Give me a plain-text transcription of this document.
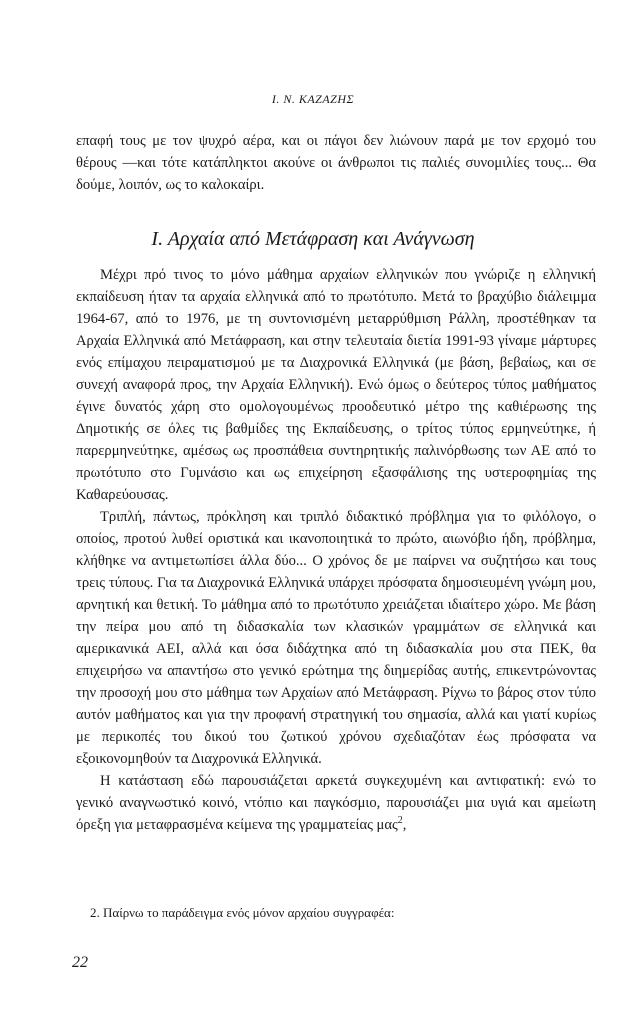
Ι. Ν. ΚΑΖΑΖΗΣ

επαφή τους με τον ψυχρό αέρα, και οι πάγοι δεν λιώνουν παρά με τον ερχομό του θέρους —και τότε κατάπληκτοι ακούνε οι άνθρωποι τις παλιές συνομιλίες τους... Θα δούμε, λοιπόν, ως το καλοκαίρι.

Ι. Αρχαία από Μετάφραση και Ανάγνωση

Μέχρι πρό τινος το μόνο μάθημα αρχαίων ελληνικών που γνώριζε η ελληνική εκπαίδευση ήταν τα αρχαία ελληνικά από το πρωτότυπο. Μετά το βραχύβιο διάλειμμα 1964-67, από το 1976, με τη συντονισμένη μεταρρύθμιση Ράλλη, προστέθηκαν τα Αρχαία Ελληνικά από Μετάφραση, και στην τελευταία διετία 1991-93 γίναμε μάρτυρες ενός επίμαχου πειραματισμού με τα Διαχρονικά Ελληνικά (με βάση, βεβαίως, και σε συνεχή αναφορά προς, την Αρχαία Ελληνική). Ενώ όμως ο δεύτερος τύπος μαθήματος έγινε δυνατός χάρη στο ομολογουμένως προοδευτικό μέτρο της καθιέρωσης της Δημοτικής σε όλες τις βαθμίδες της Εκπαίδευσης, ο τρίτος τύπος ερμηνεύτηκε, ή παρερμηνεύτηκε, αμέσως ως προσπάθεια συντηρητικής παλινόρθωσης των ΑΕ από το πρωτότυπο στο Γυμνάσιο και ως επιχείρηση εξασφάλισης της υστεροφημίας της Καθαρεύουσας.

Τριπλή, πάντως, πρόκληση και τριπλό διδακτικό πρόβλημα για το φιλόλογο, ο οποίος, προτού λυθεί οριστικά και ικανοποιητικά το πρώτο, αιωνόβιο ήδη, πρόβλημα, κλήθηκε να αντιμετωπίσει άλλα δύο... Ο χρόνος δε με παίρνει να συζητήσω και τους τρεις τύπους. Για τα Διαχρονικά Ελληνικά υπάρχει πρόσφατα δημοσιευμένη γνώμη μου, αρνητική και θετική. Το μάθημα από το πρωτότυπο χρειάζεται ιδιαίτερο χώρο. Με βάση την πείρα μου από τη διδασκαλία των κλασικών γραμμάτων σε ελληνικά και αμερικανικά ΑΕΙ, αλλά και όσα διδάχτηκα από τη διδασκαλία μου στα ΠΕΚ, θα επιχειρήσω να απαντήσω στο γενικό ερώτημα της διημερίδας αυτής, επικεντρώνοντας την προσοχή μου στο μάθημα των Αρχαίων από Μετάφραση. Ρίχνω το βάρος στον τύπο αυτόν μαθήματος και για την προφανή στρατηγική του σημασία, αλλά και γιατί κυρίως με περικοπές του δικού του ζωτικού χρόνου σχεδιαζόταν έως πρόσφατα να εξοικονομηθούν τα Διαχρονικά Ελληνικά.

Η κατάσταση εδώ παρουσιάζεται αρκετά συγκεχυμένη και αντιφατική: ενώ το γενικό αναγνωστικό κοινό, ντόπιο και παγκόσμιο, παρουσιάζει μια υγιά και αμείωτη όρεξη για μεταφρασμένα κείμενα της γραμματείας μας$^2$,

2. Παίρνω το παράδειγμα ενός μόνον αρχαίου συγγραφέα:
22
